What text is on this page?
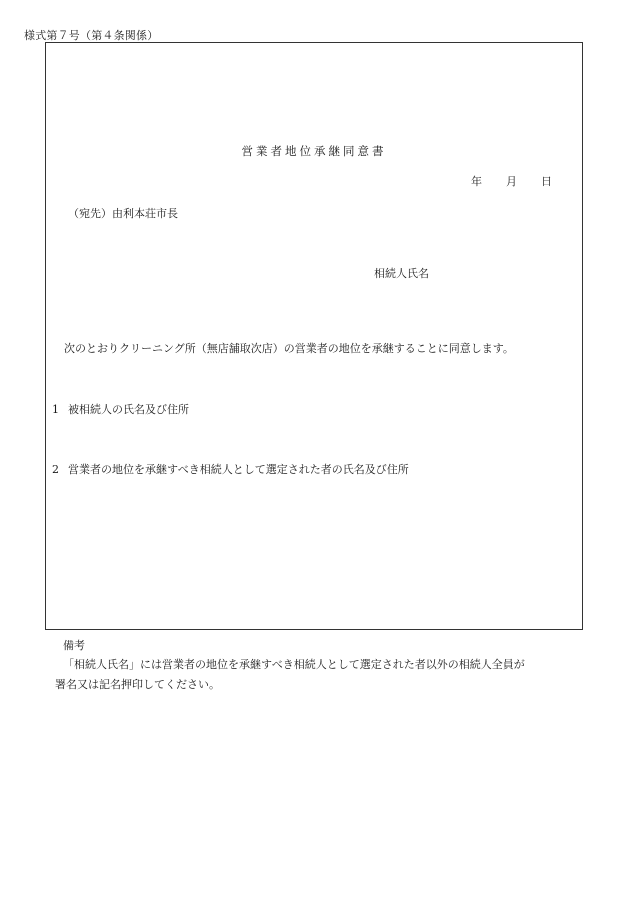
様式第７号（第４条関係）
営業者地位承継同意書
年 月 日
（宛先）由利本荘市長
相続人氏名
次のとおりクリーニング所（無店舗取次店）の営業者の地位を承継することに同意します。
1 被相続人の氏名及び住所
2 営業者の地位を承継すべき相続人として選定された者の氏名及び住所
備考
「相続人氏名」には営業者の地位を承継すべき相続人として選定された者以外の相続人全員が
署名又は記名押印してください。
